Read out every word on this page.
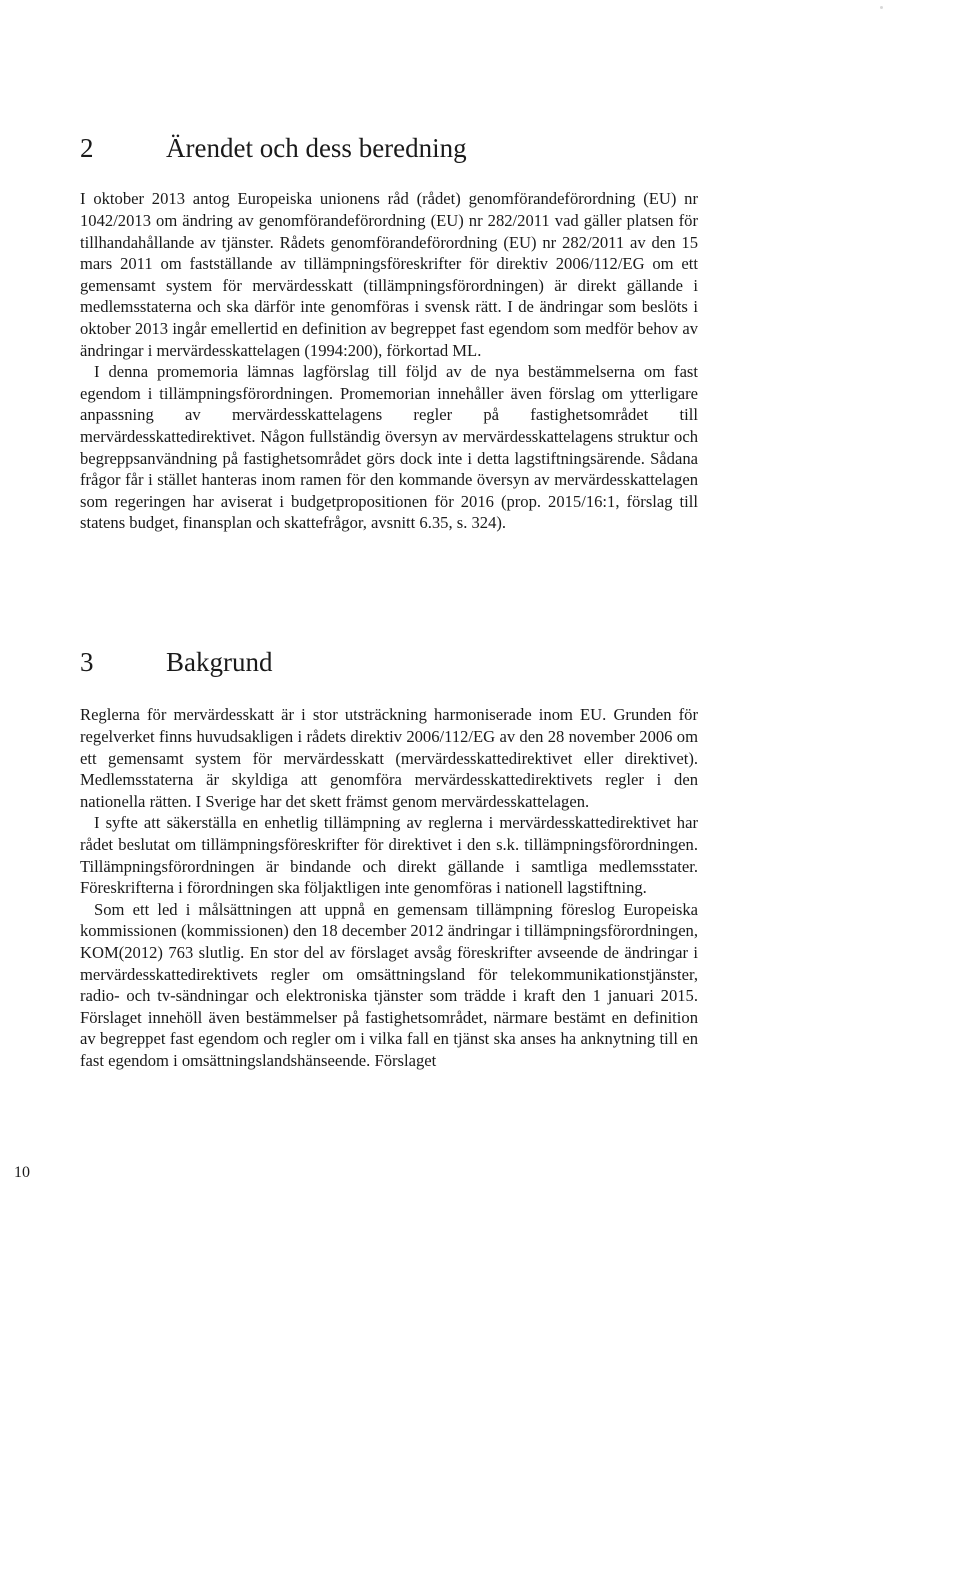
2	Ärendet och dess beredning

I oktober 2013 antog Europeiska unionens råd (rådet) genomförandeförordning (EU) nr 1042/2013 om ändring av genomförandeförordning (EU) nr 282/2011 vad gäller platsen för tillhandahållande av tjänster. Rådets genomförandeförordning (EU) nr 282/2011 av den 15 mars 2011 om fastställande av tillämpningsföreskrifter för direktiv 2006/112/EG om ett gemensamt system för mervärdesskatt (tillämpningsförordningen) är direkt gällande i medlemsstaterna och ska därför inte genomföras i svensk rätt. I de ändringar som beslöts i oktober 2013 ingår emellertid en definition av begreppet fast egendom som medför behov av ändringar i mervärdesskattelagen (1994:200), förkortad ML.

I denna promemoria lämnas lagförslag till följd av de nya bestämmelserna om fast egendom i tillämpningsförordningen. Promemorian innehåller även förslag om ytterligare anpassning av mervärdesskattelagens regler på fastighetsområdet till mervärdesskattedirektivet. Någon fullständig översyn av mervärdesskattelagens struktur och begreppsanvändning på fastighetsområdet görs dock inte i detta lagstiftningsärende. Sådana frågor får i stället hanteras inom ramen för den kommande översyn av mervärdesskattelagen som regeringen har aviserat i budgetpropositionen för 2016 (prop. 2015/16:1, förslag till statens budget, finansplan och skattefrågor, avsnitt 6.35, s. 324).

3	Bakgrund

Reglerna för mervärdesskatt är i stor utsträckning harmoniserade inom EU. Grunden för regelverket finns huvudsakligen i rådets direktiv 2006/112/EG av den 28 november 2006 om ett gemensamt system för mervärdesskatt (mervärdesskattedirektivet eller direktivet). Medlemsstaterna är skyldiga att genomföra mervärdesskattedirektivets regler i den nationella rätten. I Sverige har det skett främst genom mervärdesskattelagen.

I syfte att säkerställa en enhetlig tillämpning av reglerna i mervärdesskattedirektivet har rådet beslutat om tillämpningsföreskrifter för direktivet i den s.k. tillämpningsförordningen. Tillämpningsförordningen är bindande och direkt gällande i samtliga medlemsstater. Föreskrifterna i förordningen ska följaktligen inte genomföras i nationell lagstiftning.

Som ett led i målsättningen att uppnå en gemensam tillämpning föreslog Europeiska kommissionen (kommissionen) den 18 december 2012 ändringar i tillämpningsförordningen, KOM(2012) 763 slutlig. En stor del av förslaget avsåg föreskrifter avseende de ändringar i mervärdesskattedirektivets regler om omsättningsland för telekommunikationstjänster, radio- och tv-sändningar och elektroniska tjänster som trädde i kraft den 1 januari 2015. Förslaget innehöll även bestämmelser på fastighetsområdet, närmare bestämt en definition av begreppet fast egendom och regler om i vilka fall en tjänst ska anses ha anknytning till en fast egendom i omsättningslandshänseende. Förslaget

10
